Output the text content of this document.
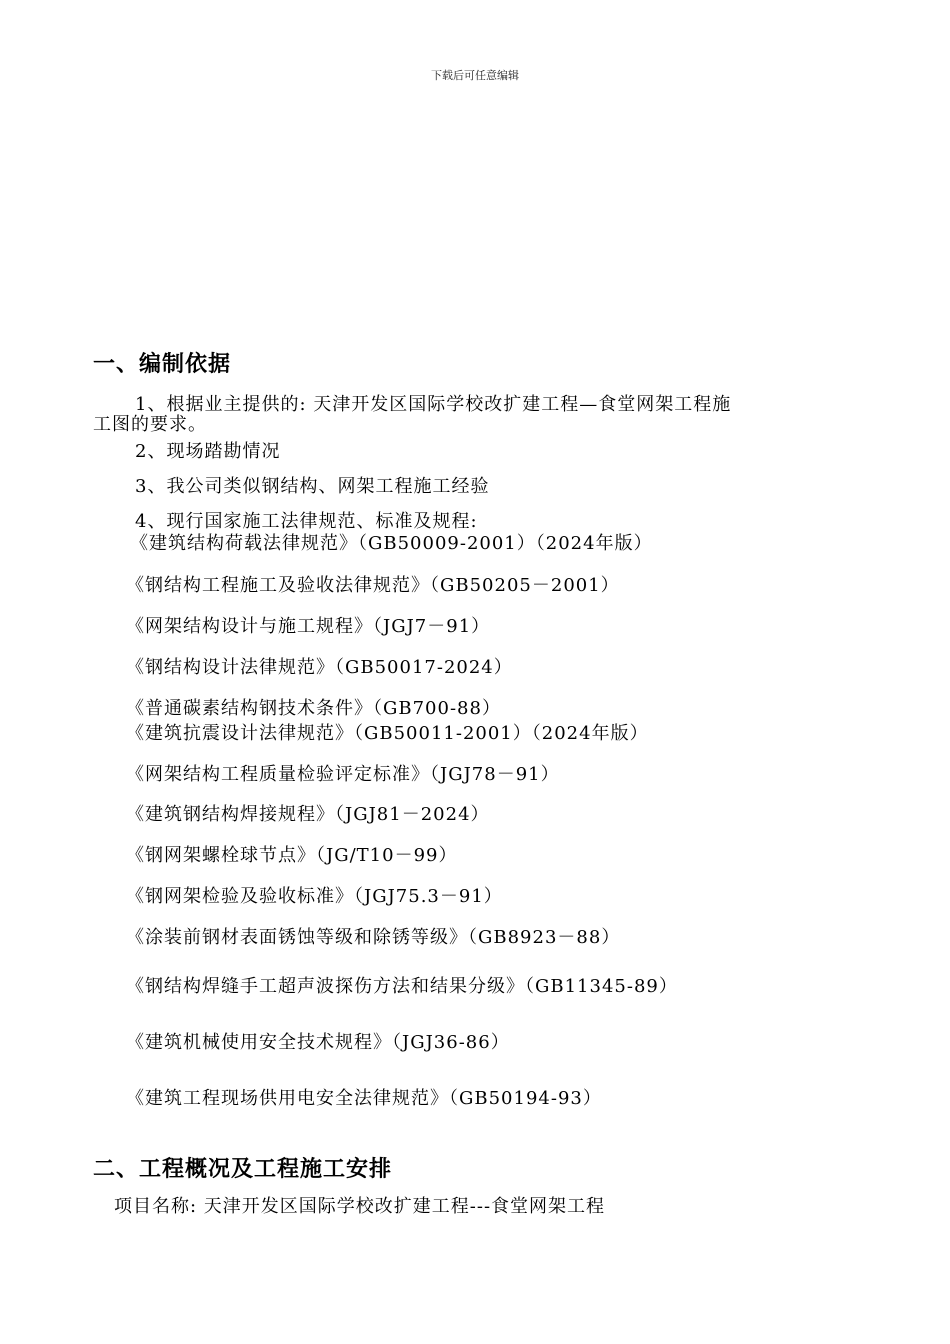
下载后可任意编辑
一、编制依据
1、根据业主提供的: 天津开发区国际学校改扩建工程—食堂网架工程施
工图的要求。
2、现场踏勘情况
3、我公司类似钢结构、网架工程施工经验
4、现行国家施工法律规范、标准及规程:
《建筑结构荷载法律规范》（GB50009-2001）（2024年版）
《钢结构工程施工及验收法律规范》（GB50205－2001）
《网架结构设计与施工规程》（JGJ7－91）
《钢结构设计法律规范》（GB50017-2024）
《普通碳素结构钢技术条件》（GB700-88）
《建筑抗震设计法律规范》（GB50011-2001）（2024年版）
《网架结构工程质量检验评定标准》（JGJ78－91）
《建筑钢结构焊接规程》（JGJ81－2024）
《钢网架螺栓球节点》（JG/T10－99）
《钢网架检验及验收标准》（JGJ75.3－91）
《涂装前钢材表面锈蚀等级和除锈等级》（GB8923－88）
《钢结构焊缝手工超声波探伤方法和结果分级》（GB11345-89）
《建筑机械使用安全技术规程》（JGJ36-86）
《建筑工程现场供用电安全法律规范》（GB50194-93）
二、工程概况及工程施工安排
项目名称: 天津开发区国际学校改扩建工程---食堂网架工程
